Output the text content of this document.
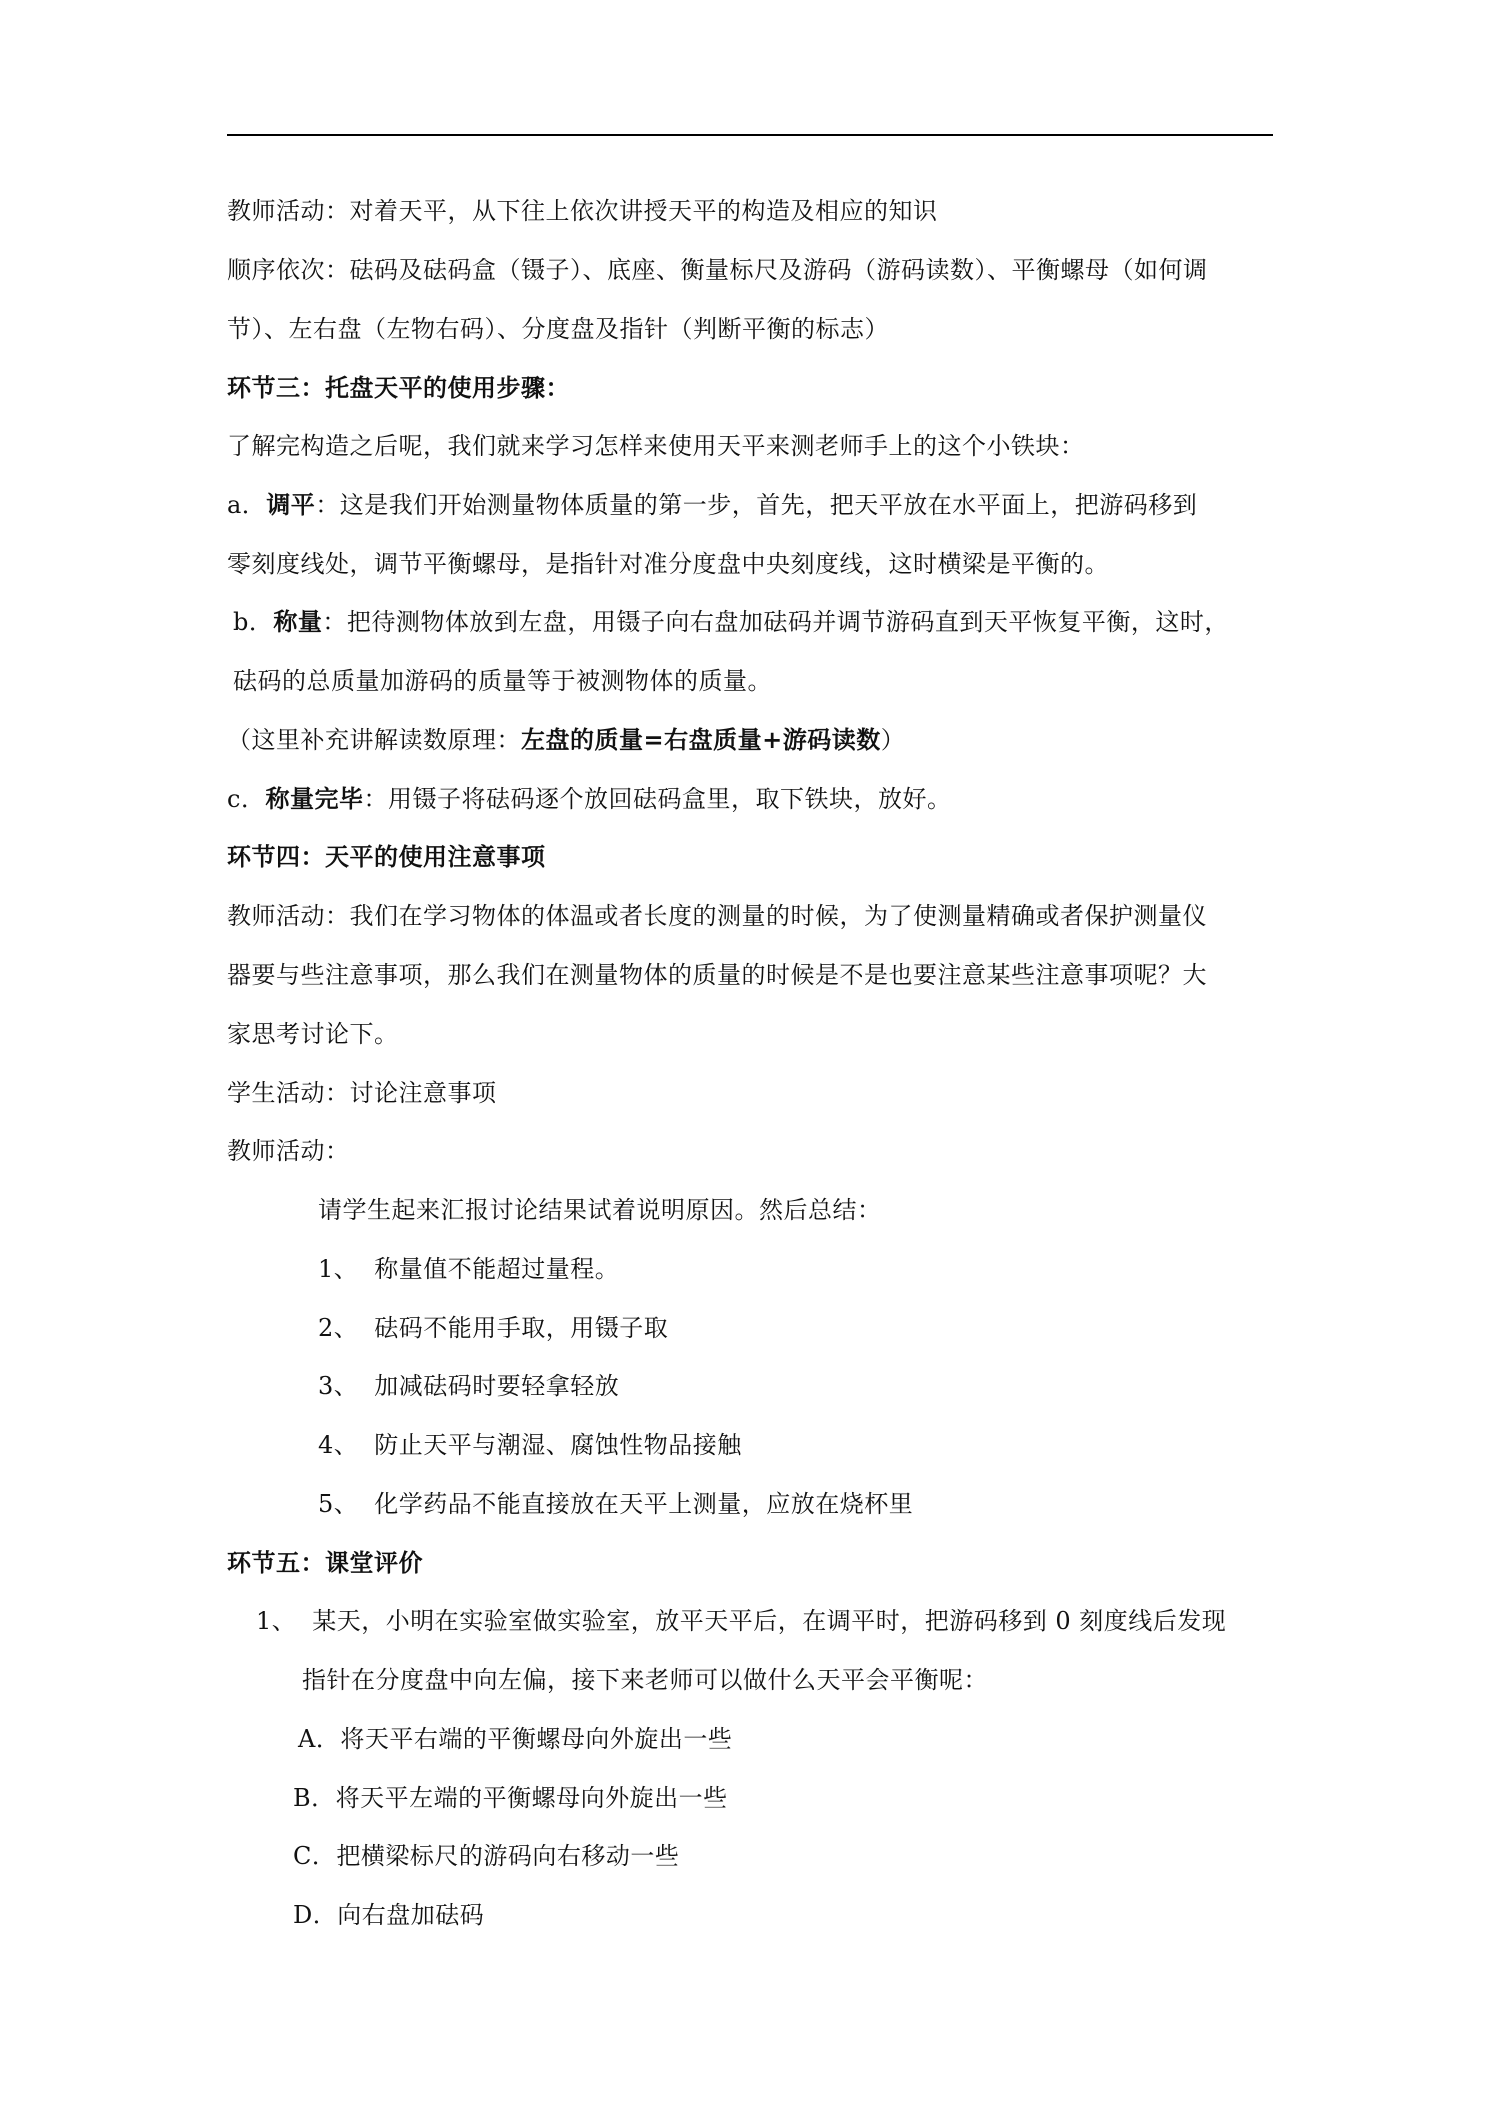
教师活动：对着天平，从下往上依次讲授天平的构造及相应的知识
顺序依次：砝码及砝码盒（镊子）、底座、衡量标尺及游码（游码读数）、平衡螺母（如何调
节）、左右盘（左物右码）、分度盘及指针（判断平衡的标志）
环节三：托盘天平的使用步骤：
了解完构造之后呢，我们就来学习怎样来使用天平来测老师手上的这个小铁块：
a．调平：这是我们开始测量物体质量的第一步，首先，把天平放在水平面上，把游码移到
零刻度线处，调节平衡螺母，是指针对准分度盘中央刻度线，这时横梁是平衡的。
b．称量：把待测物体放到左盘，用镊子向右盘加砝码并调节游码直到天平恢复平衡，这时，
砝码的总质量加游码的质量等于被测物体的质量。
（这里补充讲解读数原理：左盘的质量=右盘质量+游码读数）
c．称量完毕：用镊子将砝码逐个放回砝码盒里，取下铁块，放好。
环节四：天平的使用注意事项
教师活动：我们在学习物体的体温或者长度的测量的时候，为了使测量精确或者保护测量仪
器要与些注意事项，那么我们在测量物体的质量的时候是不是也要注意某些注意事项呢？大
家思考讨论下。
学生活动：讨论注意事项
教师活动：
请学生起来汇报讨论结果试着说明原因。然后总结：
1、 称量值不能超过量程。
2、 砝码不能用手取，用镊子取
3、 加减砝码时要轻拿轻放
4、 防止天平与潮湿、腐蚀性物品接触
5、 化学药品不能直接放在天平上测量，应放在烧杯里
环节五：课堂评价
1、 某天，小明在实验室做实验室，放平天平后，在调平时，把游码移到 0 刻度线后发现
指针在分度盘中向左偏，接下来老师可以做什么天平会平衡呢：
A．将天平右端的平衡螺母向外旋出一些
B．将天平左端的平衡螺母向外旋出一些
C．把横梁标尺的游码向右移动一些
D．向右盘加砝码
